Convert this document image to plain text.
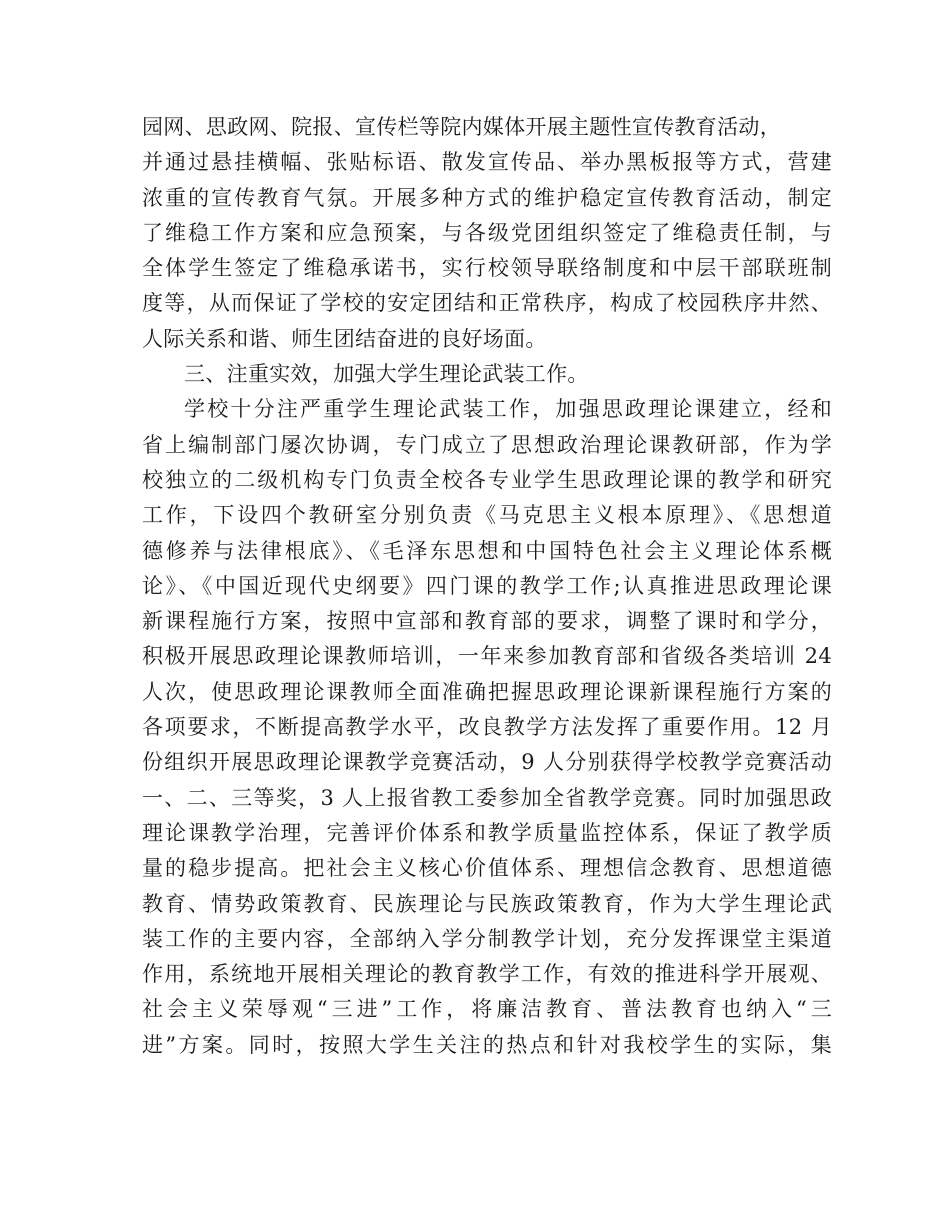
园网、思政网、院报、宣传栏等院内媒体开展主题性宣传教育活动，
并通过悬挂横幅、张贴标语、散发宣传品、举办黑板报等方式，营建
浓重的宣传教育气氛。开展多种方式的维护稳定宣传教育活动，制定
了维稳工作方案和应急预案，与各级党团组织签定了维稳责任制，与
全体学生签定了维稳承诺书，实行校领导联络制度和中层干部联班制
度等，从而保证了学校的安定团结和正常秩序，构成了校园秩序井然、
人际关系和谐、师生团结奋进的良好场面。
三、注重实效，加强大学生理论武装工作。
学校十分注严重学生理论武装工作，加强思政理论课建立，经和
省上编制部门屡次协调，专门成立了思想政治理论课教研部，作为学
校独立的二级机构专门负责全校各专业学生思政理论课的教学和研究
工作，下设四个教研室分别负责《马克思主义根本原理》、《思想道
德修养与法律根底》、《毛泽东思想和中国特色社会主义理论体系概
论》、《中国近现代史纲要》四门课的教学工作;认真推进思政理论课
新课程施行方案，按照中宣部和教育部的要求，调整了课时和学分，
积极开展思政理论课教师培训，一年来参加教育部和省级各类培训 24
人次，使思政理论课教师全面准确把握思政理论课新课程施行方案的
各项要求，不断提高教学水平，改良教学方法发挥了重要作用。12 月
份组织开展思政理论课教学竞赛活动，9 人分别获得学校教学竞赛活动
一、二、三等奖，3 人上报省教工委参加全省教学竞赛。同时加强思政
理论课教学治理，完善评价体系和教学质量监控体系，保证了教学质
量的稳步提高。把社会主义核心价值体系、理想信念教育、思想道德
教育、情势政策教育、民族理论与民族政策教育，作为大学生理论武
装工作的主要内容，全部纳入学分制教学计划，充分发挥课堂主渠道
作用，系统地开展相关理论的教育教学工作，有效的推进科学开展观、
社会主义荣辱观“三进”工作，将廉洁教育、普法教育也纳入“三
进”方案。同时，按照大学生关注的热点和针对我校学生的实际，集
